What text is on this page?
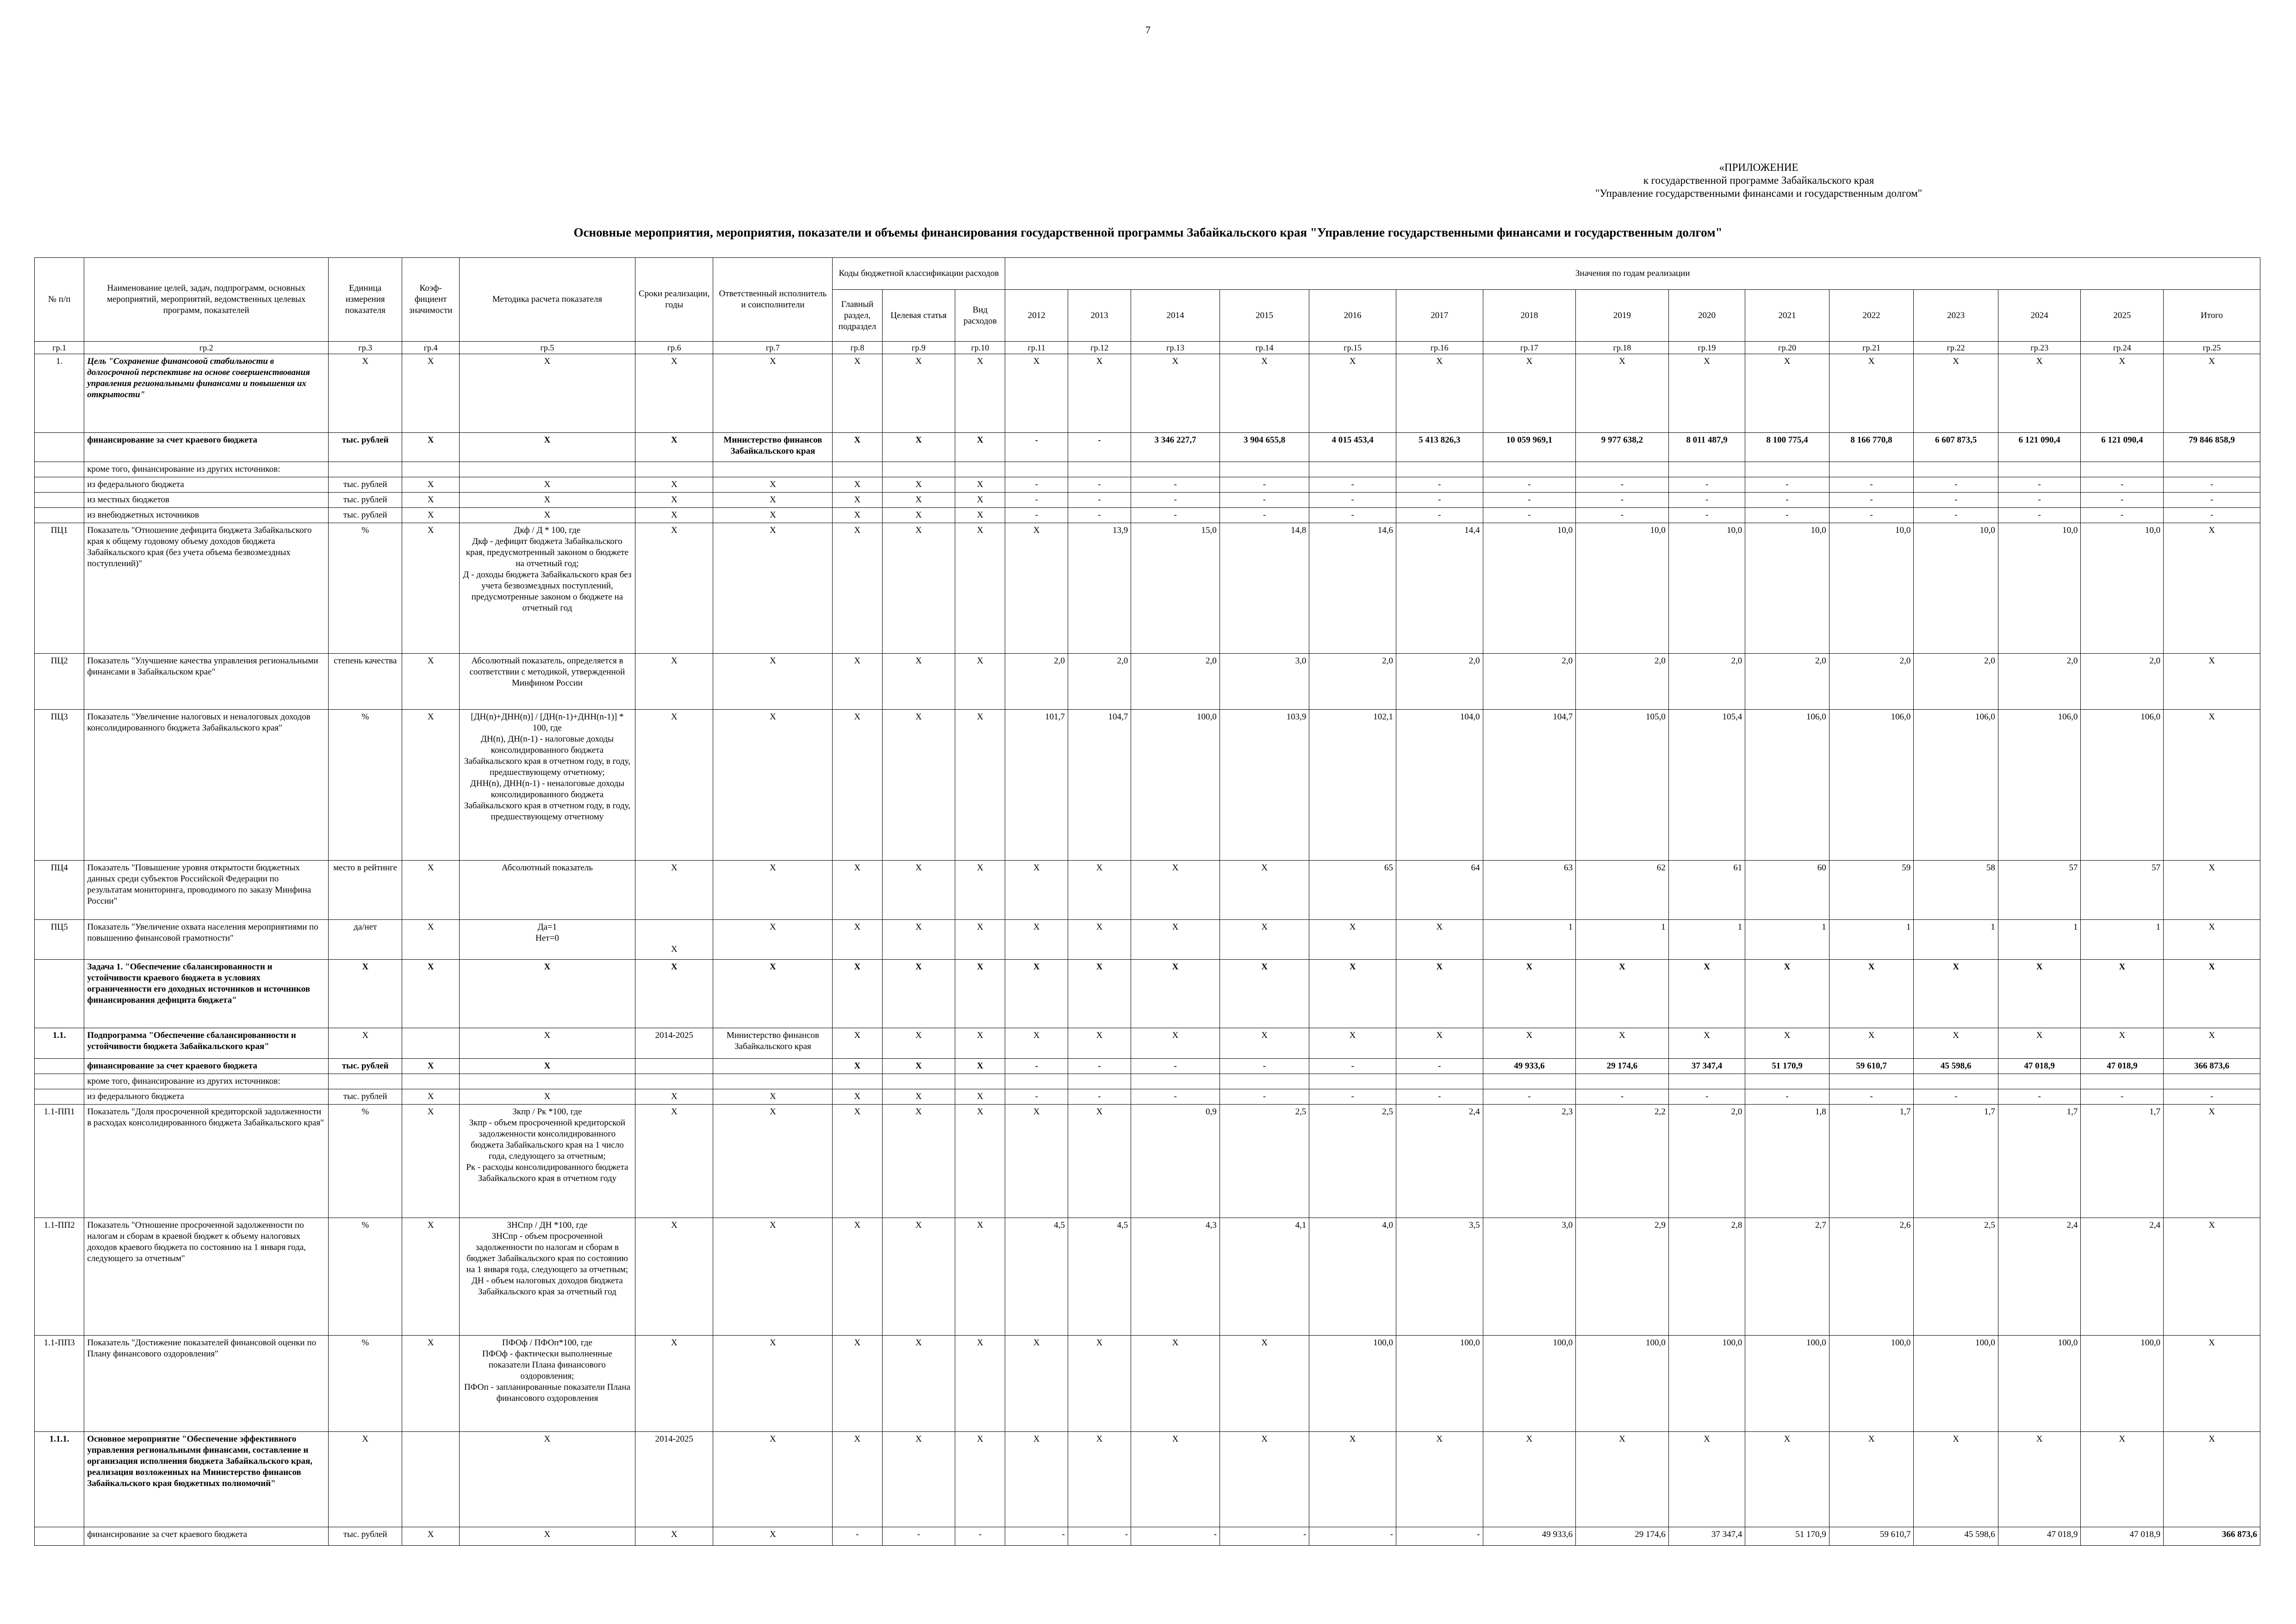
7
«ПРИЛОЖЕНИЕ
к государственной программе Забайкальского края
"Управление государственными финансами и государственным долгом"
Основные мероприятия, мероприятия, показатели и объемы финансирования государственной программы Забайкальского края "Управление государственными финансами и государственным долгом"
№ п/п	Наименование целей, задач, подпрограмм, основных мероприятий, мероприятий, ведомственных целевых программ, показателей	Единица измерения показателя	Коэф-фициент значимости	Методика расчета показателя	Сроки реализации, годы	Ответственный исполнитель и соисполнители	Коды бюджетной классификации расходов			Значения по годам реализации														
							Главный раздел, подраздел	Целевая статья	Вид расходов	2012	2013	2014	2015	2016	2017	2018	2019	2020	2021	2022	2023	2024	2025	Итого
гр.1	гр.2	гр.3	гр.4	гр.5	гр.6	гр.7	гр.8	гр.9	гр.10	гр.11	гр.12	гр.13	гр.14	гр.15	гр.16	гр.17	гр.18	гр.19	гр.20	гр.21	гр.22	гр.23	гр.24	гр.25
1.	Цель "Сохранение финансовой стабильности в долгосрочной перспективе на основе совершенствования управления региональными финансами и повышения их открытости"	X	X	X	X	X	X	X	X	X	X	X	X	X	X	X	X	X	X	X	X	X	X	X
	финансирование за счет краевого бюджета	тыс. рублей	X	X	X	Министерство финансов Забайкальского края	X	X	X	-	-	3 346 227,7	3 904 655,8	4 015 453,4	5 413 826,3	10 059 969,1	9 977 638,2	8 011 487,9	8 100 775,4	8 166 770,8	6 607 873,5	6 121 090,4	6 121 090,4	79 846 858,9
	кроме того, финансирование из других источников:																							
	из федерального бюджета	тыс. рублей	X	X	X	X	X	X	X	-	-	-	-	-	-	-	-	-	-	-	-	-	-	-
	из местных бюджетов	тыс. рублей	X	X	X	X	X	X	X	-	-	-	-	-	-	-	-	-	-	-	-	-	-	-
	из внебюджетных источников	тыс. рублей	X	X	X	X	X	X	X	-	-	-	-	-	-	-	-	-	-	-	-	-	-	-
ПЦ1	Показатель "Отношение дефицита бюджета Забайкальского края к общему годовому объему доходов бюджета Забайкальского края (без учета объема безвозмездных поступлений)"	%	X	Дкф / Д * 100, где
Дкф - дефицит бюджета Забайкальского края, предусмотренный законом о бюджете на отчетный год;
Д - доходы бюджета Забайкальского края без учета безвозмездных поступлений, предусмотренные законом о бюджете на отчетный год	X	X	X	X	X	X	13,9	15,0	14,8	14,6	14,4	10,0	10,0	10,0	10,0	10,0	10,0	10,0	10,0	X
ПЦ2	Показатель "Улучшение качества управления региональными финансами в Забайкальском крае"	степень качества	X	Абсолютный показатель, определяется в соответствии с методикой, утвержденной Минфином России	X	X	X	X	X	2,0	2,0	2,0	3,0	2,0	2,0	2,0	2,0	2,0	2,0	2,0	2,0	2,0	2,0	X
ПЦ3	Показатель "Увеличение налоговых и неналоговых доходов консолидированного бюджета Забайкальского края"	%	X	[ДН(n)+ДНН(n)] / [ДН(n-1)+ДНН(n-1)] * 100, где
ДН(n), ДН(n-1) - налоговые доходы консолидированного бюджета Забайкальского края в отчетном году, в году, предшествующему отчетному;
ДНН(n), ДНН(n-1) - неналоговые доходы консолидированного бюджета Забайкальского края в отчетном году, в году, предшествующему отчетному	X	X	X	X	X	101,7	104,7	100,0	103,9	102,1	104,0	104,7	105,0	105,4	106,0	106,0	106,0	106,0	106,0	X
ПЦ4	Показатель "Повышение уровня открытости бюджетных данных среди субъектов Российской Федерации по результатам мониторинга, проводимого по заказу Минфина России"	место в рейтинге	X	Абсолютный показатель	X	X	X	X	X	X	X	X	X	65	64	63	62	61	60	59	58	57	57	X
ПЦ5	Показатель "Увеличение охвата населения мероприятиями по повышению финансовой грамотности"	да/нет	X	Да=1
Нет=0	

X	X	X	X	X	X	X	X	X	X	X	1	1	1	1	1	1	1	1	X
	Задача 1. "Обеспечение сбалансированности и устойчивости краевого бюджета в условиях ограниченности его доходных источников и источников финансирования дефицита бюджета"	X	X	X	X	X	X	X	X	X	X	X	X	X	X	X	X	X	X	X	X	X	X	X
1.1.	Подпрограмма "Обеспечение сбалансированности и устойчивости бюджета Забайкальского края"	X		X	2014-2025	Министерство финансов Забайкальского края	X	X	X	X	X	X	X	X	X	X	X	X	X	X	X	X	X	X
	финансирование за счет краевого бюджета	тыс. рублей	X	X			X	X	X	-	-	-	-	-	-	49 933,6	29 174,6	37 347,4	51 170,9	59 610,7	45 598,6	47 018,9	47 018,9	366 873,6
	кроме того, финансирование из других источников:																							
	из федерального бюджета	тыс. рублей	X	X	X	X	X	X	X	-	-	-	-	-	-	-	-	-	-	-	-	-	-	-
1.1-ПП1	Показатель "Доля просроченной кредиторской задолженности в расходах консолидированного бюджета Забайкальского края"	%	X	Зкпр / Рк *100, где
Зкпр - объем просроченной кредиторской задолженности консолидированного бюджета Забайкальского края на 1 число года, следующего за отчетным;
Рк - расходы консолидированного бюджета Забайкальского края в отчетном году	X	X	X	X	X	X	X	0,9	2,5	2,5	2,4	2,3	2,2	2,0	1,8	1,7	1,7	1,7	1,7	X
1.1-ПП2	Показатель "Отношение просроченной задолженности по налогам и сборам в краевой бюджет к объему налоговых доходов краевого бюджета по состоянию на 1 января года, следующего за отчетным"	%	X	ЗНСпр / ДН *100, где
ЗНСпр - объем просроченной задолженности по налогам и сборам в бюджет Забайкальского края по состоянию на 1 января года, следующего за отчетным;
ДН - объем налоговых доходов бюджета Забайкальского края за отчетный год	X	X	X	X	X	4,5	4,5	4,3	4,1	4,0	3,5	3,0	2,9	2,8	2,7	2,6	2,5	2,4	2,4	X
1.1-ПП3	Показатель "Достижение показателей финансовой оценки по Плану финансового оздоровления"	%	X	ПФОф / ПФОп*100, где
ПФОф - фактически выполненные показатели Плана финансового оздоровления;
ПФОп - запланированные показатели Плана финансового оздоровления	X	X	X	X	X	X	X	X	X	100,0	100,0	100,0	100,0	100,0	100,0	100,0	100,0	100,0	100,0	X
1.1.1.	Основное мероприятие "Обеспечение эффективного управления региональными финансами, составление и организация исполнения бюджета Забайкальского края, реализация возложенных на Министерство финансов Забайкальского края бюджетных полномочий"	X		X	2014-2025	X	X	X	X	X	X	X	X	X	X	X	X	X	X	X	X	X	X	X
	финансирование за счет краевого бюджета	тыс. рублей	X	X	X	X	-	-	-	-	-	-	-	-	-	49 933,6	29 174,6	37 347,4	51 170,9	59 610,7	45 598,6	47 018,9	47 018,9	366 873,6
